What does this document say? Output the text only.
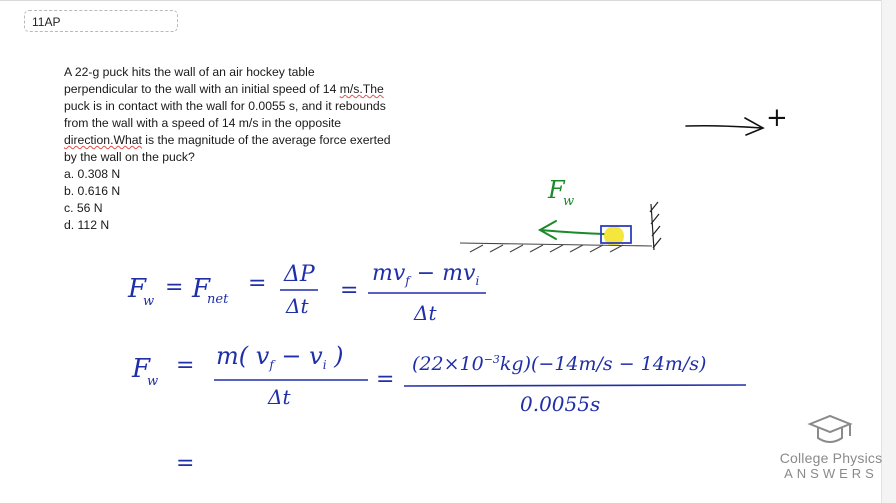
11AP

A 22-g puck hits the wall of an air hockey table

perpendicular to the wall with an initial speed of 14 m/s.The

puck is in contact with the wall for 0.0055 s, and it rebounds

from the wall with a speed of 14 m/s in the opposite

direction.What is the magnitude of the average force exerted

by the wall on the puck?

a. 0.308 N
b. 0.616 N
c. 56 N
d. 112 N
+
F
w
F
w
= F
net
= ΔP
Δt
=
$mv_f - mv_i$
Δt
F
w
= m( $v_f - v_i$ )
Δt
=
$(22\times 10^{-3}kg)(-14m/s - 14m/s)$
0.0055s
=	College Physics
ANSWERS
